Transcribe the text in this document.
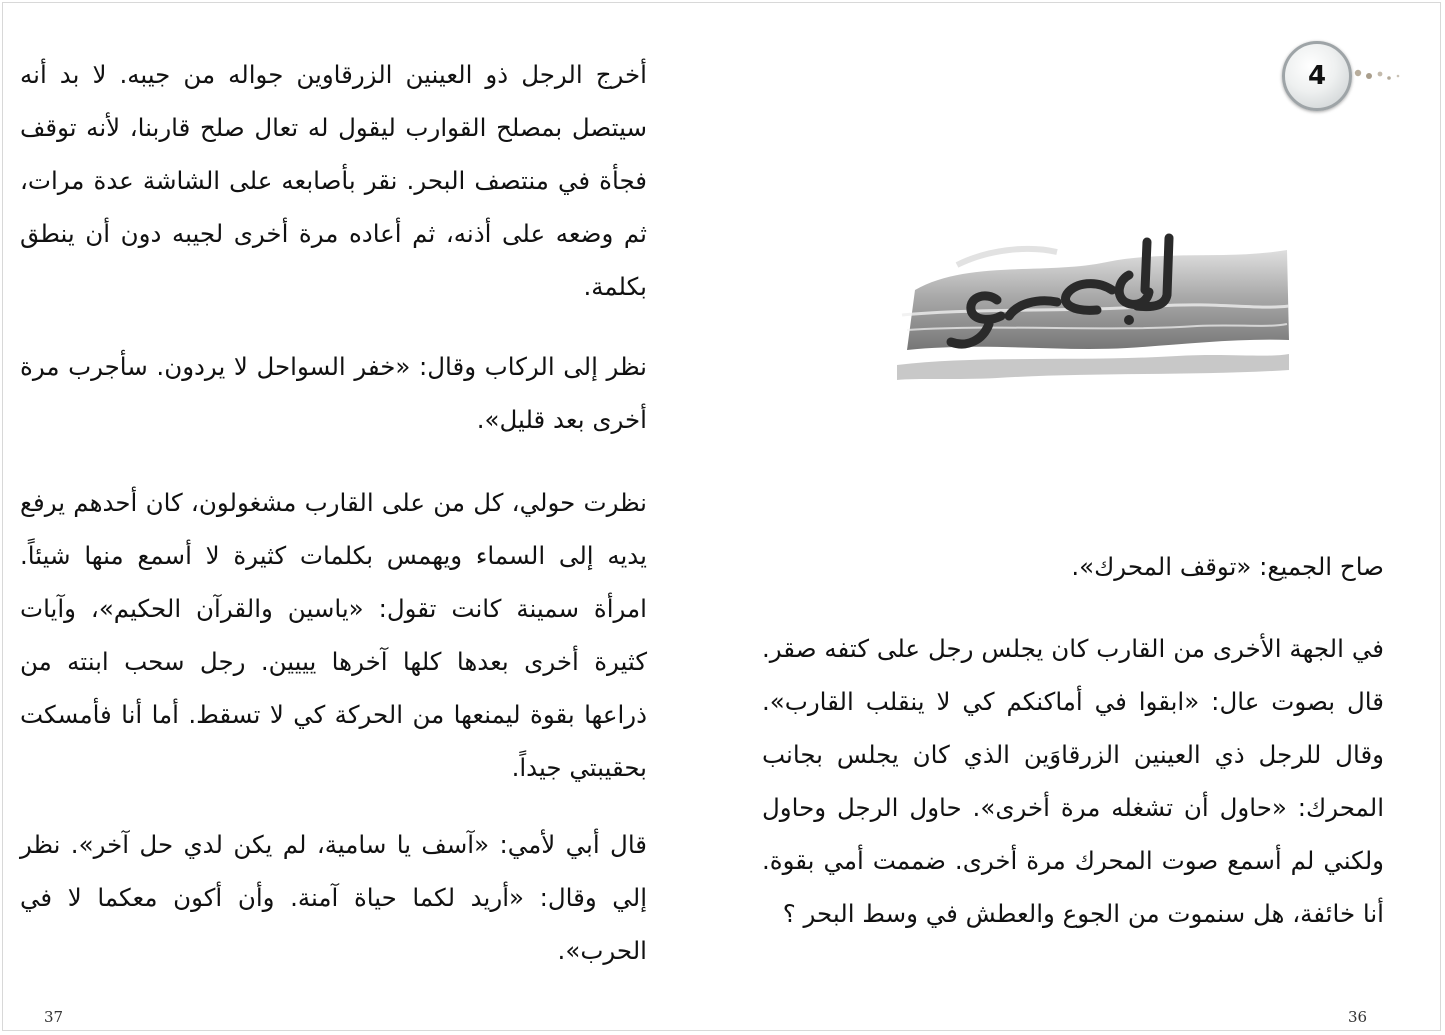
أخرج الرجل ذو العينين الزرقاوين جواله من جيبه. لا بد أنه سيتصل بمصلح القوارب ليقول له تعال صلح قاربنا، لأنه توقف فجأة في منتصف البحر. نقر بأصابعه على الشاشة عدة مرات، ثم وضعه على أذنه، ثم أعاده مرة أخرى لجيبه دون أن ينطق بكلمة.

نظر إلى الركاب وقال: «خفر السواحل لا يردون. سأجرب مرة أخرى بعد قليل».

نظرت حولي، كل من على القارب مشغولون، كان أحدهم يرفع يديه إلى السماء ويهمس بكلمات كثيرة لا أسمع منها شيئاً. امرأة سمينة كانت تقول: «ياسين والقرآن الحكيم»، وآيات كثيرة أخرى بعدها كلها آخرها يييين. رجل سحب ابنته من ذراعها بقوة ليمنعها من الحركة كي لا تسقط. أما أنا فأمسكت بحقيبتي جيداً.

قال أبي لأمي: «آسف يا سامية، لم يكن لدي حل آخر». نظر إلي وقال: «أريد لكما حياة آمنة. وأن أكون معكما لا في الحرب».

37
4

صاح الجميع: «توقف المحرك».

في الجهة الأخرى من القارب كان يجلس رجل على كتفه صقر. قال بصوت عال: «ابقوا في أماكنكم كي لا ينقلب القارب». وقال للرجل ذي العينين الزرقاوَين الذي كان يجلس بجانب المحرك: «حاول أن تشغله مرة أخرى». حاول الرجل وحاول ولكني لم أسمع صوت المحرك مرة أخرى. ضممت أمي بقوة. أنا خائفة، هل سنموت من الجوع والعطش في وسط البحر ؟

36
